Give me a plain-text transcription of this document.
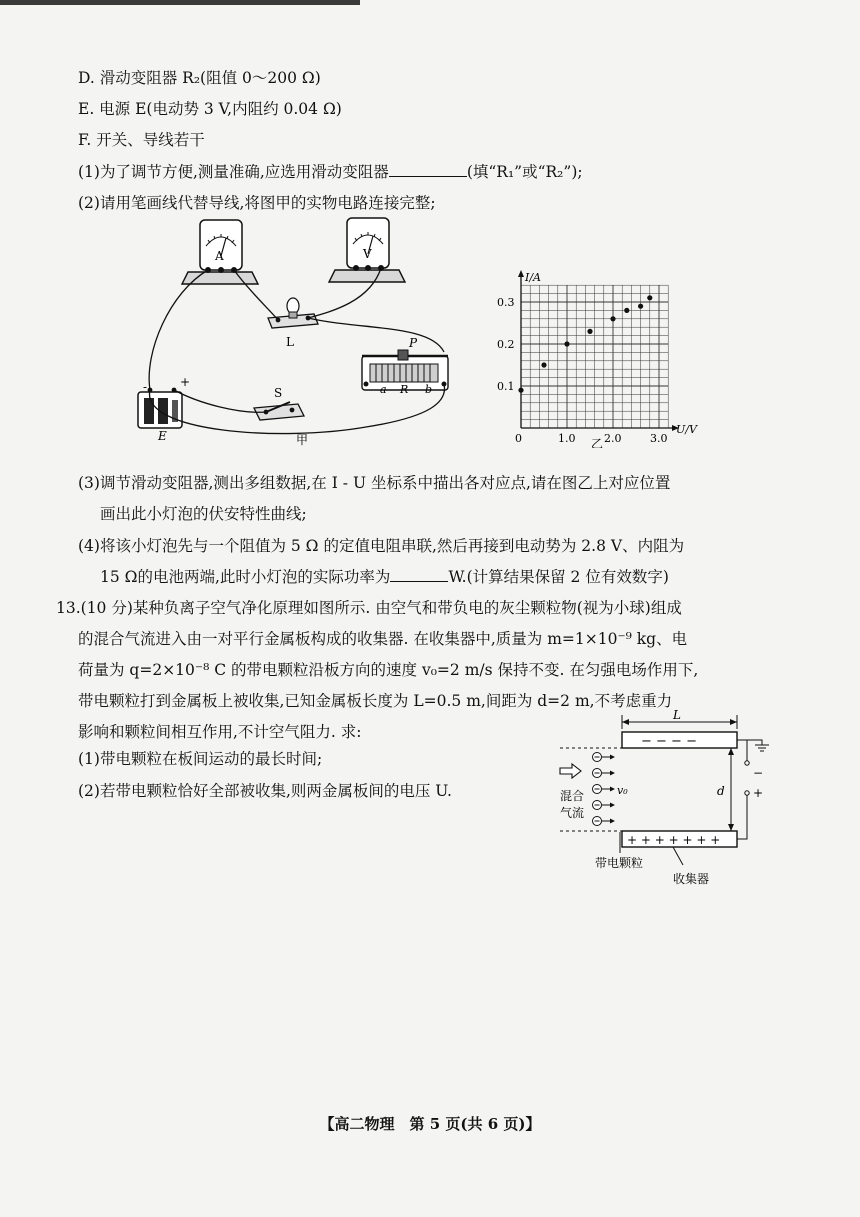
D. 滑动变阻器 R₂(阻值 0～200 Ω)
E. 电源 E(电动势 3 V,内阻约 0.04 Ω)
F. 开关、导线若干
(1)为了调节方便,测量准确,应选用滑动变阻器	(填“R₁”或“R₂”);
(2)请用笔画线代替导线,将图甲的实物电路连接完整;
A	V
L	P
a R b
S
-	+
E	甲
I/A
U/V
0	1.0	2.0	3.0
0.1
0.2
0.3
乙
(3)调节滑动变阻器,测出多组数据,在 I - U 坐标系中描出各对应点,请在图乙上对应位置
画出此小灯泡的伏安特性曲线;
(4)将该小灯泡先与一个阻值为 5 Ω 的定值电阻串联,然后再接到电动势为 2.8 V、内阻为
15 Ω的电池两端,此时小灯泡的实际功率为	W.(计算结果保留 2 位有效数字)
13.(10 分)某种负离子空气净化原理如图所示. 由空气和带负电的灰尘颗粒物(视为小球)组成
的混合气流进入由一对平行金属板构成的收集器. 在收集器中,质量为 m=1×10⁻⁹ kg、电
荷量为 q=2×10⁻⁸ C 的带电颗粒沿板方向的速度 v₀=2 m/s 保持不变. 在匀强电场作用下,
带电颗粒打到金属板上被收集,已知金属板长度为 L=0.5 m,间距为 d=2 m,不考虑重力
影响和颗粒间相互作用,不计空气阻力. 求:
(1)带电颗粒在板间运动的最长时间;
(2)若带电颗粒恰好全部被收集,则两金属板间的电压 U.
L
− − − −
+ + + + + + +
v₀	d
−
+
混合
气流
带电颗粒
收集器
【高二物理　第 5 页(共 6 页)】
